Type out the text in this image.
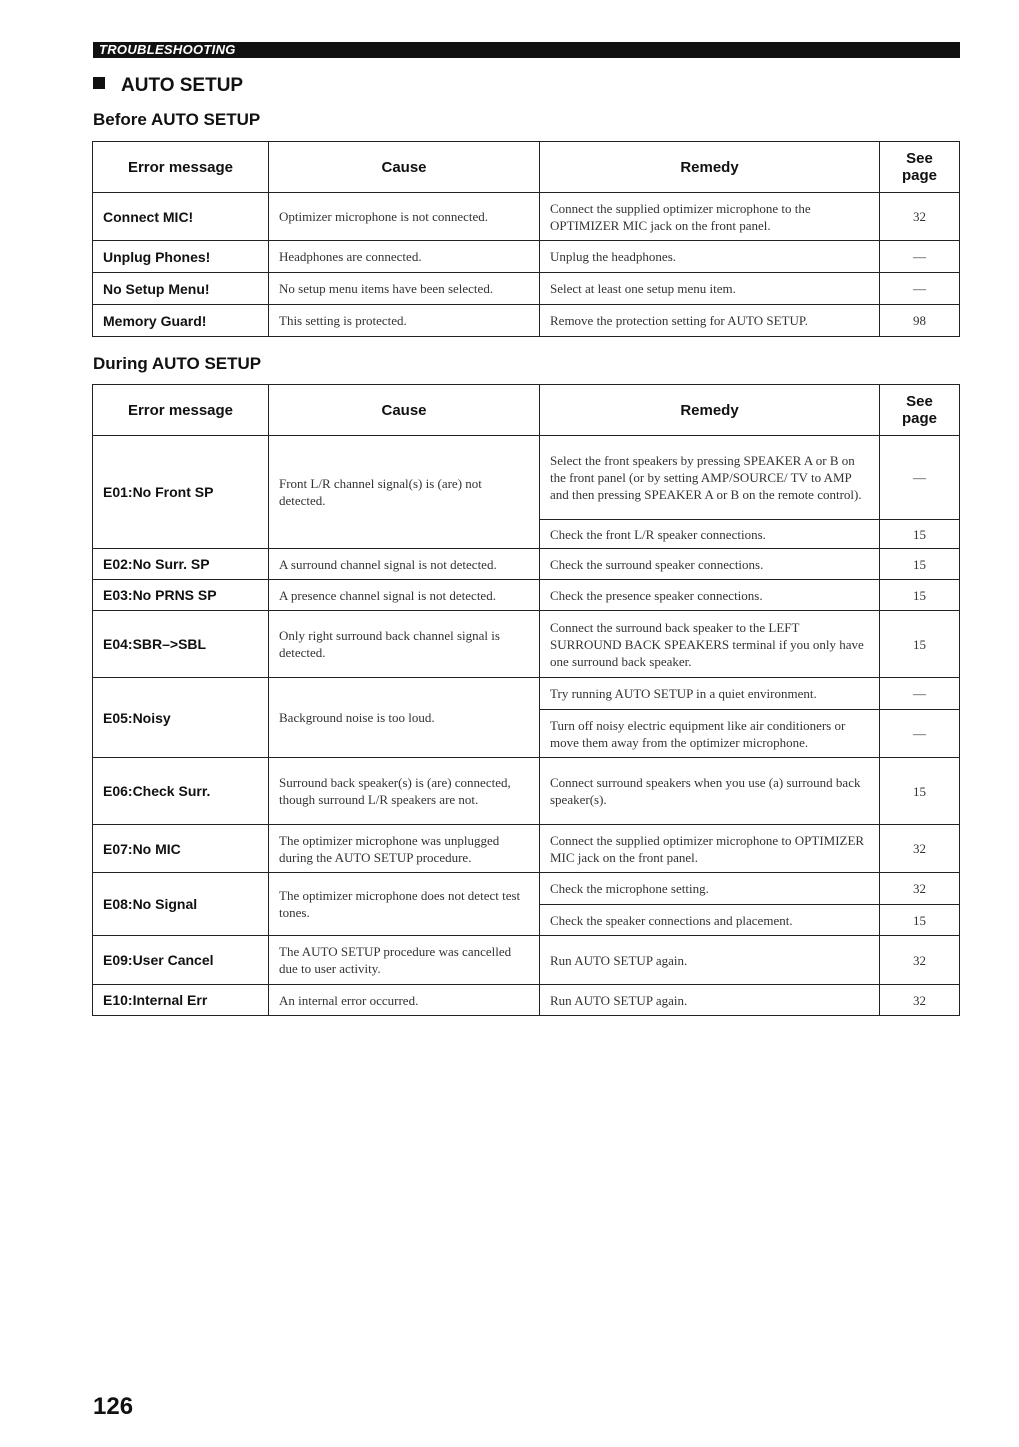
TROUBLESHOOTING
AUTO SETUP
Before AUTO SETUP
Error message	Cause	Remedy	See page
Connect MIC!	Optimizer microphone is not connected.	Connect the supplied optimizer microphone to the OPTIMIZER MIC jack on the front panel.	32
Unplug Phones!	Headphones are connected.	Unplug the headphones.	—
No Setup Menu!	No setup menu items have been selected.	Select at least one setup menu item.	—
Memory Guard!	This setting is protected.	Remove the protection setting for AUTO SETUP.	98
During AUTO SETUP
Error message	Cause	Remedy	See page
E01:No Front SP	Front L/R channel signal(s) is (are) not detected.	Select the front speakers by pressing SPEAKER A or B on the front panel (or by setting AMP/SOURCE/ TV to AMP and then pressing SPEAKER A or B on the remote control).	—
		Check the front L/R speaker connections.	15
E02:No Surr. SP	A surround channel signal is not detected.	Check the surround speaker connections.	15
E03:No PRNS SP	A presence channel signal is not detected.	Check the presence speaker connections.	15
E04:SBR–>SBL	Only right surround back channel signal is detected.	Connect the surround back speaker to the LEFT SURROUND BACK SPEAKERS terminal if you only have one surround back speaker.	15
E05:Noisy	Background noise is too loud.	Try running AUTO SETUP in a quiet environment.	—
		Turn off noisy electric equipment like air conditioners or move them away from the optimizer microphone.	—
E06:Check Surr.	Surround back speaker(s) is (are) connected, though surround L/R speakers are not.	Connect surround speakers when you use (a) surround back speaker(s).	15
E07:No MIC	The optimizer microphone was unplugged during the AUTO SETUP procedure.	Connect the supplied optimizer microphone to OPTIMIZER MIC jack on the front panel.	32
E08:No Signal	The optimizer microphone does not detect test tones.	Check the microphone setting.	32
		Check the speaker connections and placement.	15
E09:User Cancel	The AUTO SETUP procedure was cancelled due to user activity.	Run AUTO SETUP again.	32
E10:Internal Err	An internal error occurred.	Run AUTO SETUP again.	32
126
